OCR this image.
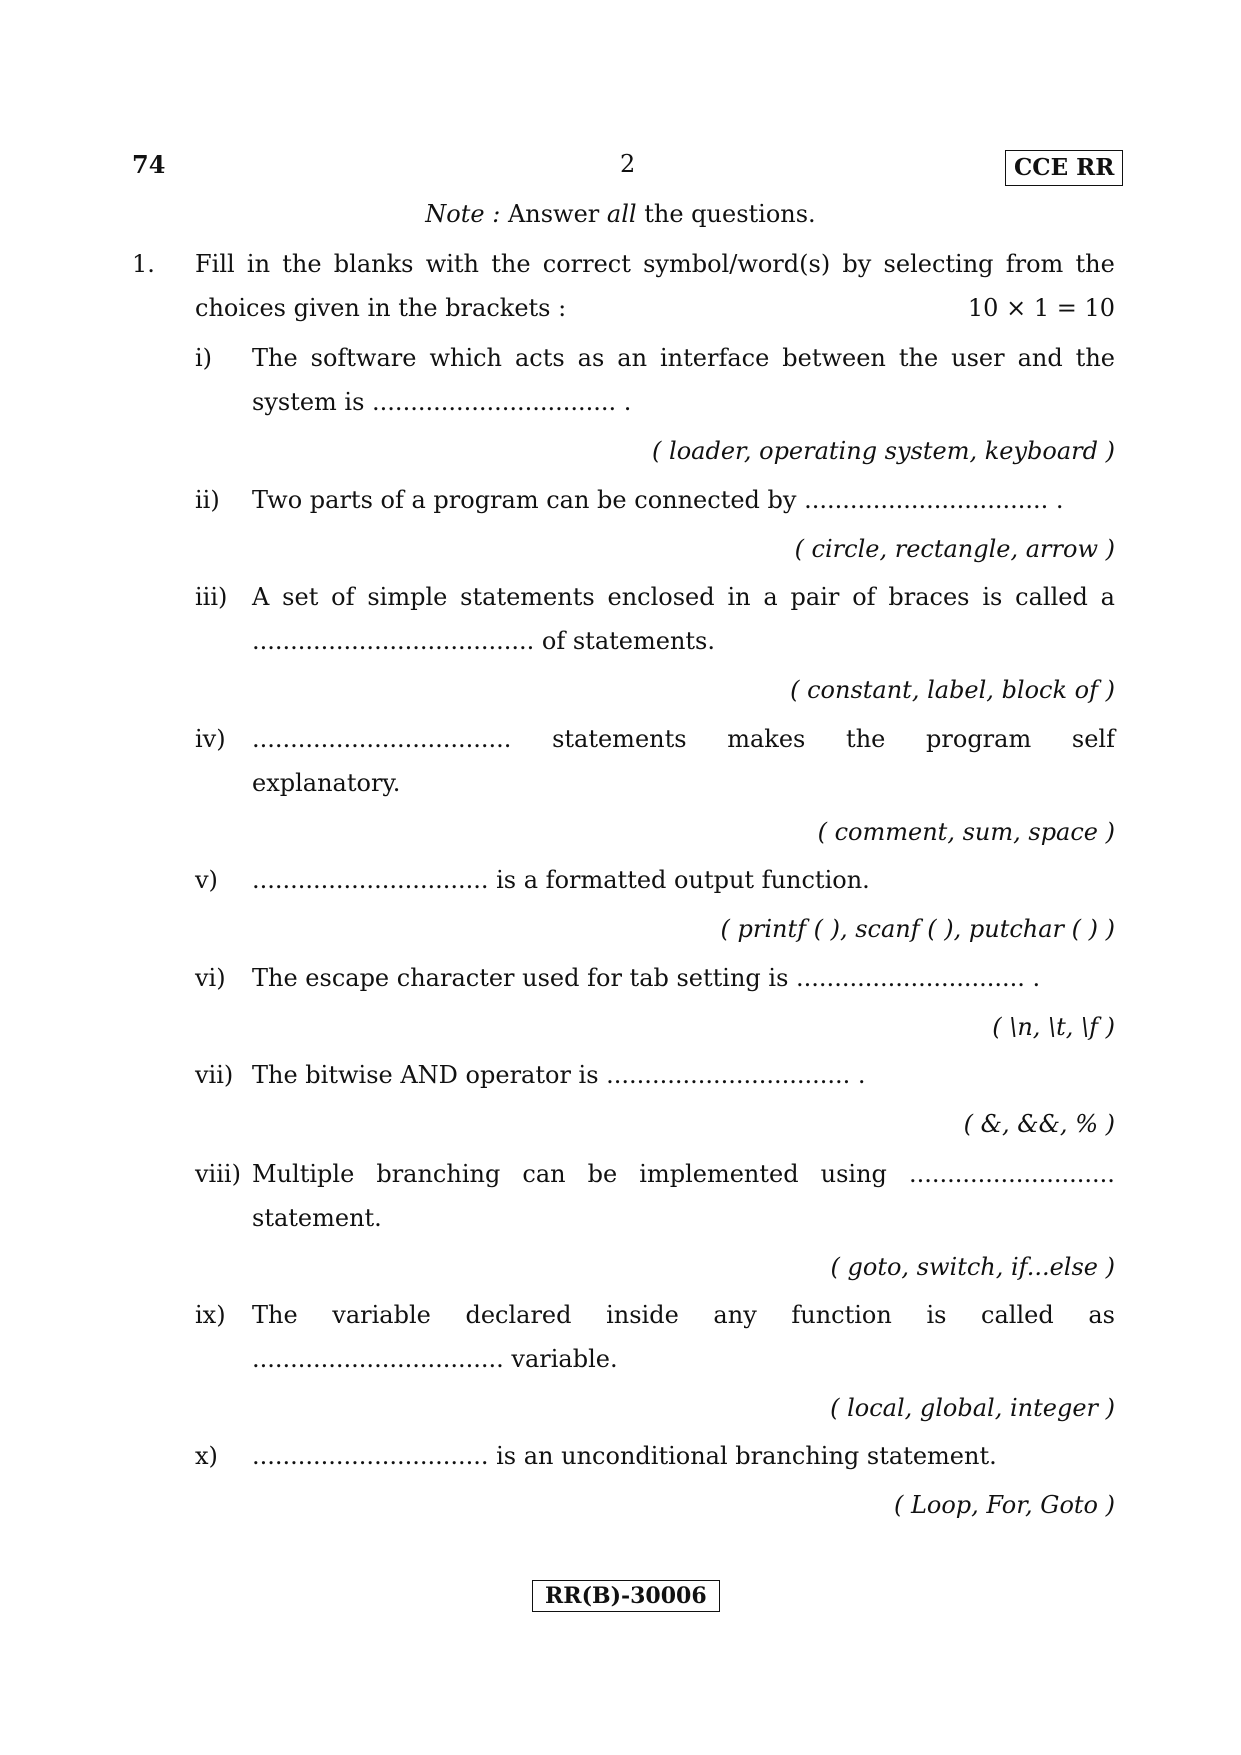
74	2	CCE RR
Note : Answer all the questions.
1. Fill in the blanks with the correct symbol/word(s) by selecting from the
choices given in the brackets :	10 × 1 = 10
i) The software which acts as an interface between the user and the
system is ................................ .
( loader, operating system, keyboard )
ii) Two parts of a program can be connected by ................................ .
( circle, rectangle, arrow )
iii) A set of simple statements enclosed in a pair of braces is called a
..................................... of statements.
( constant, label, block of )
iv) .................................. statements makes the program self
explanatory.
( comment, sum, space )
v) ............................... is a formatted output function.
( printf ( ), scanf ( ), putchar ( ) )
vi) The escape character used for tab setting is .............................. .
( \n, \t, \f )
vii) The bitwise AND operator is ................................ .
( &, &&, % )
viii) Multiple branching can be implemented using ...........................
statement.
( goto, switch, if...else )
ix) The variable declared inside any function is called as
................................. variable.
( local, global, integer )
x) ............................... is an unconditional branching statement.
( Loop, For, Goto )
RR(B)-30006
